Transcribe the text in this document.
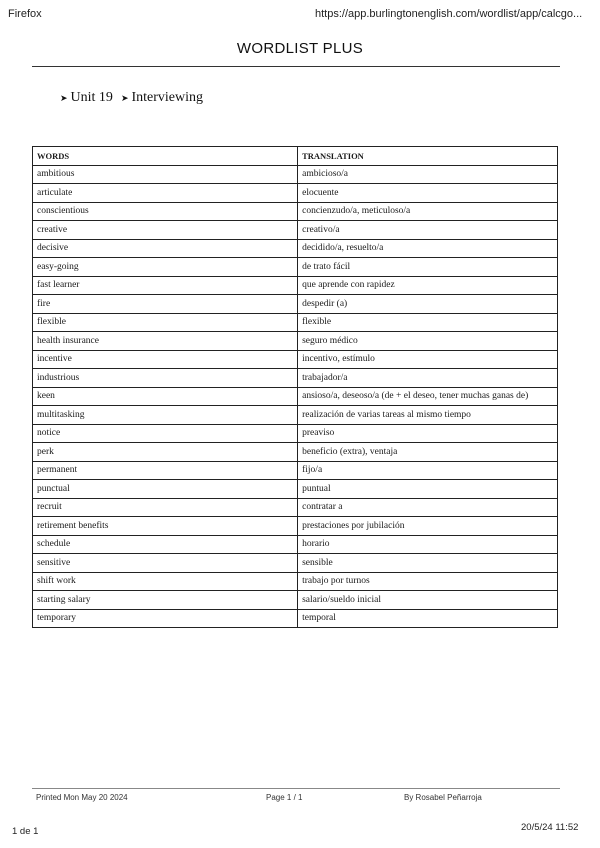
Firefox	https://app.burlingtonenglish.com/wordlist/app/calcgo...
WORDLIST PLUS
➤ Unit 19 ➤ Interviewing
WORDS	TRANSLATION
ambitious	ambicioso/a
articulate	elocuente
conscientious	concienzudo/a, meticuloso/a
creative	creativo/a
decisive	decidido/a, resuelto/a
easy-going	de trato fácil
fast learner	que aprende con rapidez
fire	despedir (a)
flexible	flexible
health insurance	seguro médico
incentive	incentivo, estímulo
industrious	trabajador/a
keen	ansioso/a, deseoso/a (de + el deseo, tener muchas ganas de)
multitasking	realización de varias tareas al mismo tiempo
notice	preaviso
perk	beneficio (extra), ventaja
permanent	fijo/a
punctual	puntual
recruit	contratar a
retirement benefits	prestaciones por jubilación
schedule	horario
sensitive	sensible
shift work	trabajo por turnos
starting salary	salario/sueldo inicial
temporary	temporal
Printed Mon May 20 2024	Page 1 / 1	By Rosabel Peñarroja
1 de 1	20/5/24 11:52
